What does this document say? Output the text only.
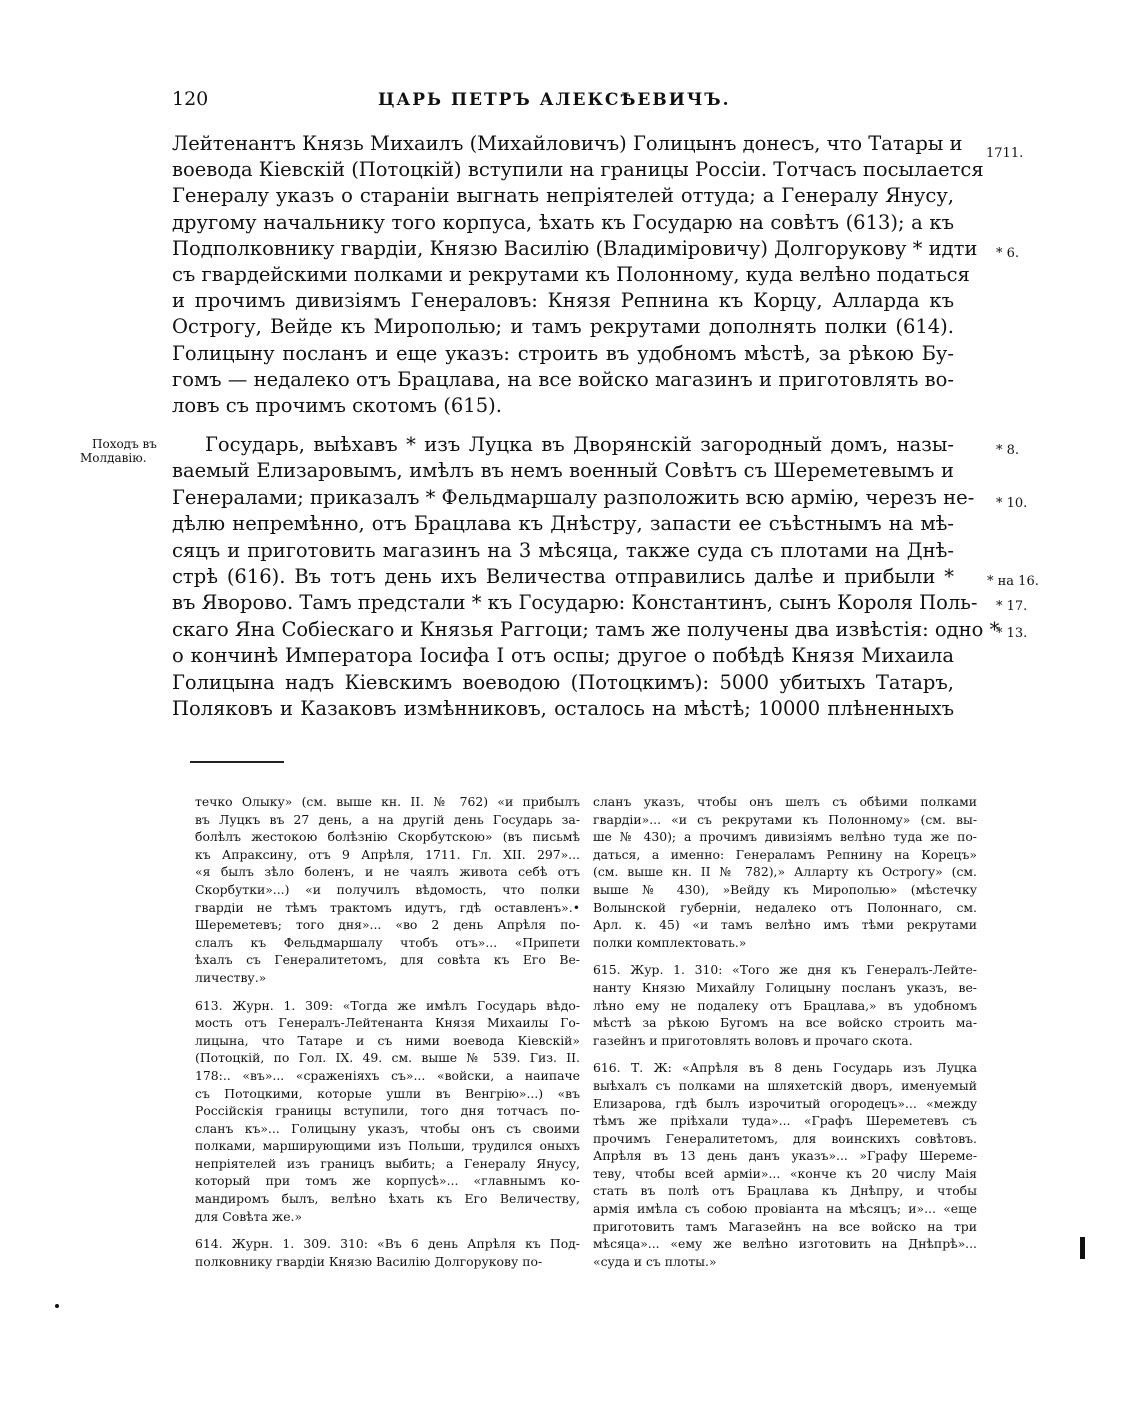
120	ЦАРЬ ПЕТРЪ АЛЕКСѢЕВИЧЪ.
Лейтенантъ Князь Михаилъ (Михайловичъ) Голицынъ донесъ, что Татары и
воевода Кіевскій (Потоцкій) вступили на границы Россіи. Тотчасъ посылается
Генералу указъ о стараніи выгнать непріятелей оттуда; а Генералу Янусу,
другому начальнику того корпуса, ѣхать къ Государю на совѣтъ (613); а къ
Подполковнику гвардіи, Князю Василію (Владиміровичу) Долгорукову * идти
съ гвардейскими полками и рекрутами къ Полонному, куда велѣно податься
и прочимъ дивизіямъ Генераловъ: Князя Репнина къ Корцу, Алларда къ
Острогу, Вейде къ Мирополью; и тамъ рекрутами дополнять полки (614).
Голицыну посланъ и еще указъ: строить въ удобномъ мѣстѣ, за рѣкою Бу-
гомъ — недалеко отъ Брацлава, на все войско магазинъ и приготовлять во-
ловъ съ прочимъ скотомъ (615).
Государь, выѣхавъ * изъ Луцка въ Дворянскій загородный домъ, назы-
ваемый Елизаровымъ, имѣлъ въ немъ военный Совѣтъ съ Шереметевымъ и
Генералами; приказалъ * Фельдмаршалу разположить всю армію, черезъ не-
дѣлю непремѣнно, отъ Брацлава къ Днѣстру, запасти ее съѣстнымъ на мѣ-
сяцъ и приготовить магазинъ на 3 мѣсяца, также суда съ плотами на Днѣ-
стрѣ (616). Въ тотъ день ихъ Величества отправились далѣе и прибыли *
въ Яворово. Тамъ предстали * къ Государю: Константинъ, сынъ Короля Поль-
скаго Яна Собіескаго и Князья Раггоци; тамъ же получены два извѣстія: одно *
о кончинѣ Императора Іосифа I отъ оспы; другое о побѣдѣ Князя Михаила
Голицына надъ Кіевскимъ воеводою (Потоцкимъ): 5000 убитыхъ Татаръ,
Поляковъ и Казаковъ измѣнниковъ, осталось на мѣстѣ; 10000 плѣненныхъ
Походъ въ
Молдавію.
1711.
* 6.
* 8.
* 10.
* на 16.
* 17.
* 13.
течко Олыку» (см. выше кн. II. № 762) «и прибылъ
въ Луцкъ въ 27 день, а на другій день Государь за-
болѣлъ жестокою болѣзнію Скорбутскою» (въ письмѣ
къ Апраксину, отъ 9 Апрѣля, 1711. Гл. XII. 297»...
«я былъ зѣло боленъ, и не чаялъ живота себѣ отъ
Скорбутки»...) «и получилъ вѣдомость, что полки
гвардіи не тѣмъ трактомъ идутъ, гдѣ оставленъ».•
Шереметевъ; того дня»... «во 2 день Апрѣля по-
слалъ къ Фельдмаршалу чтобъ отъ»... «Припети
ѣхалъ съ Генералитетомъ, для совѣта къ Его Ве-
личеству.»
613. Журн. 1. 309: «Тогда же имѣлъ Государь вѣдо-
мость отъ Генералъ-Лейтенанта Князя Михаилы Го-
лицына, что Татаре и съ ними воевода Кіевскій»
(Потоцкій, по Гол. IX. 49. см. выше № 539. Гиз. II.
178:.. «въ»... «сраженіяхъ съ»... «войски, а наипаче
съ Потоцкими, которые ушли въ Венгрію»...) «въ
Россійскія границы вступили, того дня тотчасъ по-
сланъ къ»... Голицыну указъ, чтобы онъ съ своими
полками, марширующими изъ Польши, трудился оныхъ
непріятелей изъ границъ выбить; а Генералу Янусу,
который при томъ же корпусѣ»... «главнымъ ко-
мандиромъ былъ, велѣно ѣхать къ Его Величеству,
для Совѣта же.»
614. Журн. 1. 309. 310: «Въ 6 день Апрѣля къ Под-
полковнику гвардіи Князю Василію Долгорукову по-
сланъ указъ, чтобы онъ шелъ съ обѣими полками
гвардіи»... «и съ рекрутами къ Полонному» (см. вы-
ше № 430); а прочимъ дивизіямъ велѣно туда же по-
даться, а именно: Генераламъ Репнину на Корецъ»
(см. выше кн. II № 782),» Алларту къ Острогу» (см.
выше № 430), »Вейду къ Мирополью» (мѣстечку
Волынской губерніи, недалеко отъ Полоннаго, см.
Арл. к. 45) «и тамъ велѣно имъ тѣми рекрутами
полки комплектовать.»
615. Жур. 1. 310: «Того же дня къ Генералъ-Лейте-
нанту Князю Михайлу Голицыну посланъ указъ, ве-
лѣно ему не подалеку отъ Брацлава,» въ удобномъ
мѣстѣ за рѣкою Бугомъ на все войско строить ма-
газейнъ и приготовлять воловъ и прочаго скота.
616. Т. Ж: «Апрѣля въ 8 день Государь изъ Луцка
выѣхалъ съ полками на шляхетскій дворъ, именуемый
Елизарова, гдѣ былъ изрочитый огородецъ»... «между
тѣмъ же пріѣхали туда»... «Графъ Шереметевъ съ
прочимъ Генералитетомъ, для воинскихъ совѣтовъ.
Апрѣля въ 13 день данъ указъ»... »Графу Шереме-
теву, чтобы всей арміи»... «конче къ 20 числу Маія
стать въ полѣ отъ Брацлава къ Днѣпру, и чтобы
армія имѣла съ собою провіанта на мѣсяцъ; и»... «еще
приготовить тамъ Магазейнъ на все войско на три
мѣсяца»... «ему же велѣно изготовить на Днѣпрѣ»...
«суда и съ плоты.»
